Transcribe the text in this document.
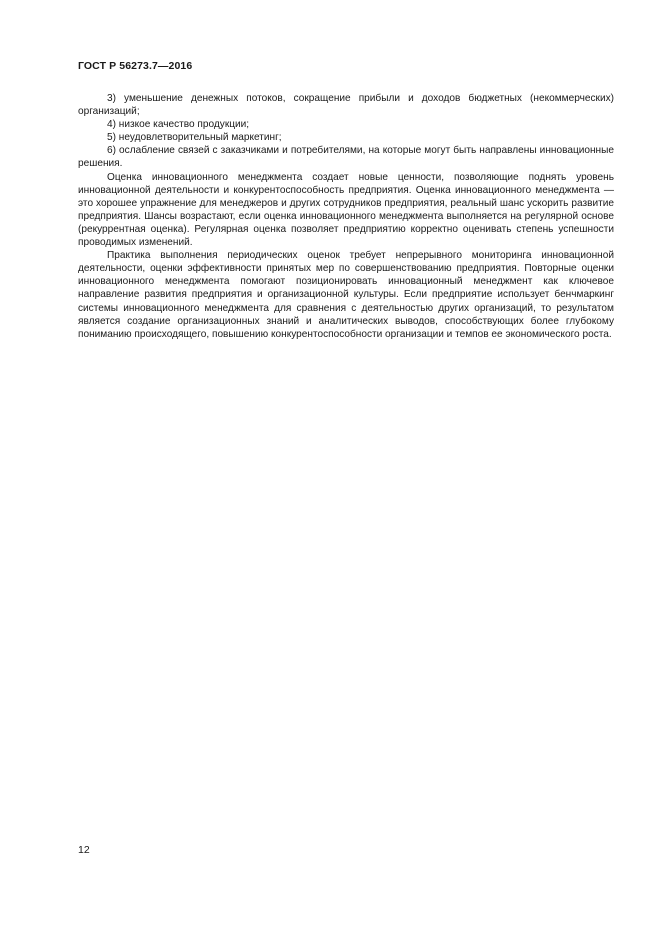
ГОСТ Р 56273.7—2016

3) уменьшение денежных потоков, сокращение прибыли и доходов бюджетных (некоммерческих) организаций;

4) низкое качество продукции;

5) неудовлетворительный маркетинг;

6) ослабление связей с заказчиками и потребителями, на которые могут быть направлены инновационные решения.

Оценка инновационного менеджмента создает новые ценности, позволяющие поднять уровень инновационной деятельности и конкурентоспособность предприятия. Оценка инновационного менеджмента — это хорошее упражнение для менеджеров и других сотрудников предприятия, реальный шанс ускорить развитие предприятия. Шансы возрастают, если оценка инновационного менеджмента выполняется на регулярной основе (рекуррентная оценка). Регулярная оценка позволяет предприятию корректно оценивать степень успешности проводимых изменений.

Практика выполнения периодических оценок требует непрерывного мониторинга инновационной деятельности, оценки эффективности принятых мер по совершенствованию предприятия. Повторные оценки инновационного менеджмента помогают позиционировать инновационный менеджмент как ключевое направление развития предприятия и организационной культуры. Если предприятие использует бенчмаркинг системы инновационного менеджмента для сравнения с деятельностью других организаций, то результатом является создание организационных знаний и аналитических выводов, способствующих более глубокому пониманию происходящего, повышению конкурентоспособности организации и темпов ее экономического роста.

12
